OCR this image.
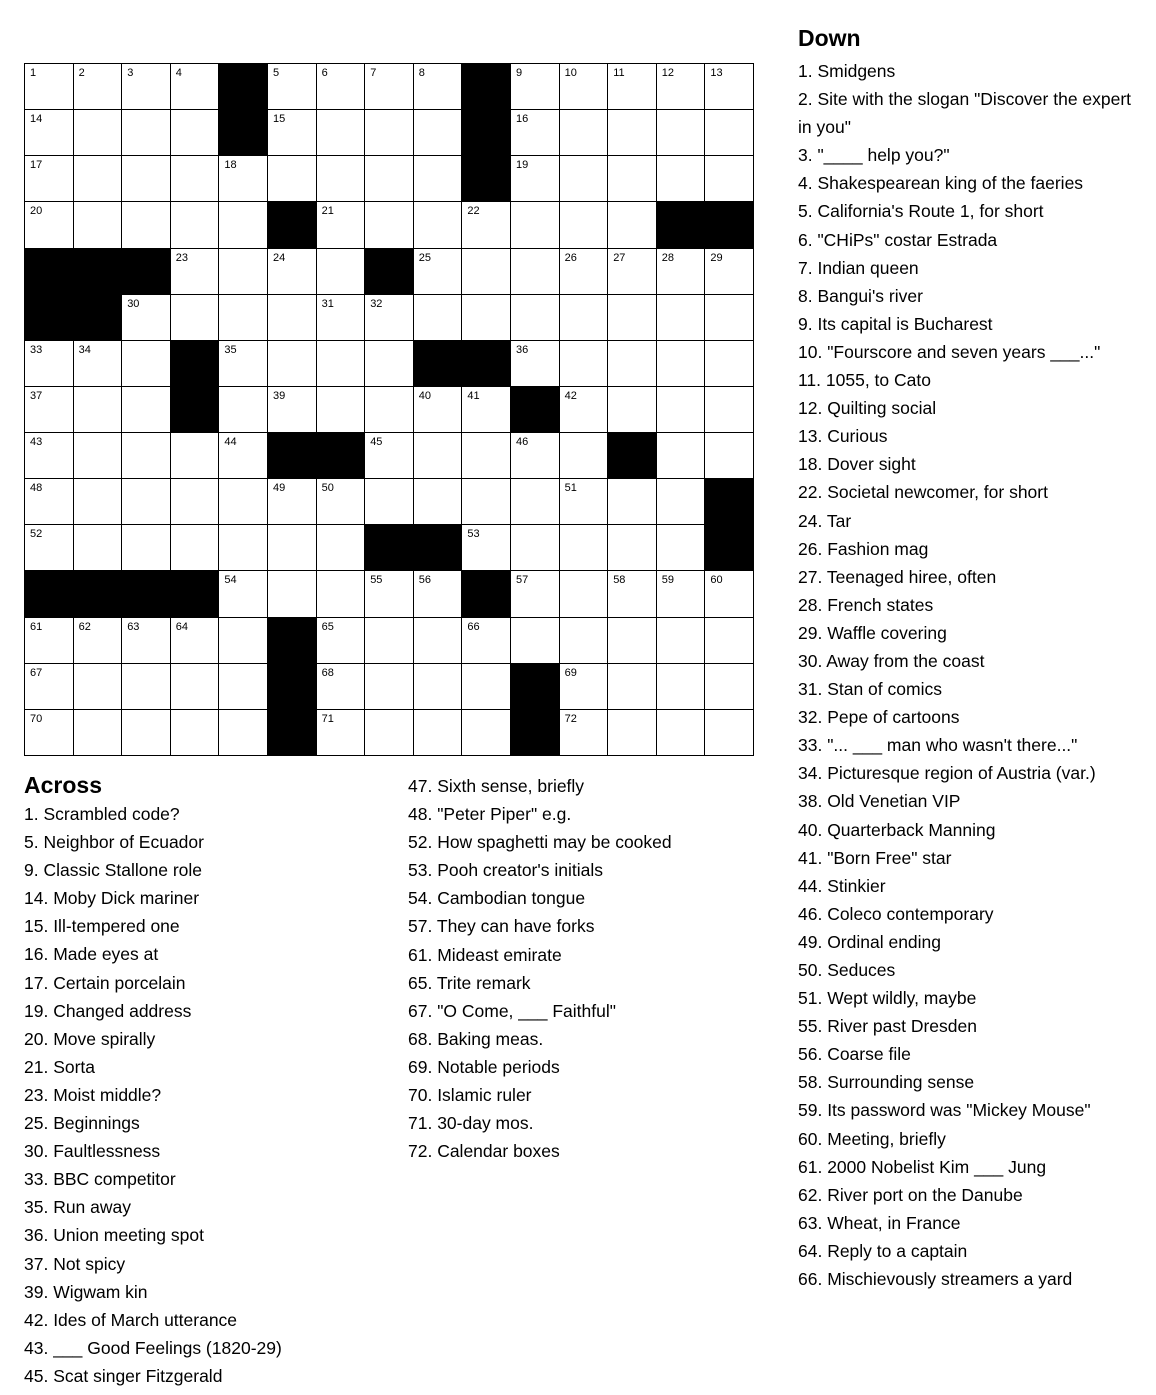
1	2	3	4	5	6	7	8	9	10	11	12	13
14	15	16
17	18	19
20	21	22
23	24	25	26	27	28	29
30	31	32
33	34	35	36
37	38	39	40	41	42
43	44	45	46	47
48	49	50	51
52	53
54	55	56	57	58	59	60
61	62	63	64	65	66
67	68	69
70	71	72
Across
1. Scrambled code?
5. Neighbor of Ecuador
9. Classic Stallone role
14. Moby Dick mariner
15. Ill-tempered one
16. Made eyes at
17. Certain porcelain
19. Changed address
20. Move spirally
21. Sorta
23. Moist middle?
25. Beginnings
30. Faultlessness
33. BBC competitor
35. Run away
36. Union meeting spot
37. Not spicy
39. Wigwam kin
42. Ides of March utterance
43. ___ Good Feelings (1820-29)
45. Scat singer Fitzgerald
47. Sixth sense, briefly
48. "Peter Piper" e.g.
52. How spaghetti may be cooked
53. Pooh creator's initials
54. Cambodian tongue
57. They can have forks
61. Mideast emirate
65. Trite remark
67. "O Come, ___ Faithful"
68. Baking meas.
69. Notable periods
70. Islamic ruler
71. 30-day mos.
72. Calendar boxes
Down
1. Smidgens
2. Site with the slogan "Discover the expert in you"
3. "____ help you?"
4. Shakespearean king of the faeries
5. California's Route 1, for short
6. "CHiPs" costar Estrada
7. Indian queen
8. Bangui's river
9. Its capital is Bucharest
10. "Fourscore and seven years ___..."
11. 1055, to Cato
12. Quilting social
13. Curious
18. Dover sight
22. Societal newcomer, for short
24. Tar
26. Fashion mag
27. Teenaged hiree, often
28. French states
29. Waffle covering
30. Away from the coast
31. Stan of comics
32. Pepe of cartoons
33. "... ___ man who wasn't there..."
34. Picturesque region of Austria (var.)
38. Old Venetian VIP
40. Quarterback Manning
41. "Born Free" star
44. Stinkier
46. Coleco contemporary
49. Ordinal ending
50. Seduces
51. Wept wildly, maybe
55. River past Dresden
56. Coarse file
58. Surrounding sense
59. Its password was "Mickey Mouse"
60. Meeting, briefly
61. 2000 Nobelist Kim ___ Jung
62. River port on the Danube
63. Wheat, in France
64. Reply to a captain
66. Mischievously streamers a yard
